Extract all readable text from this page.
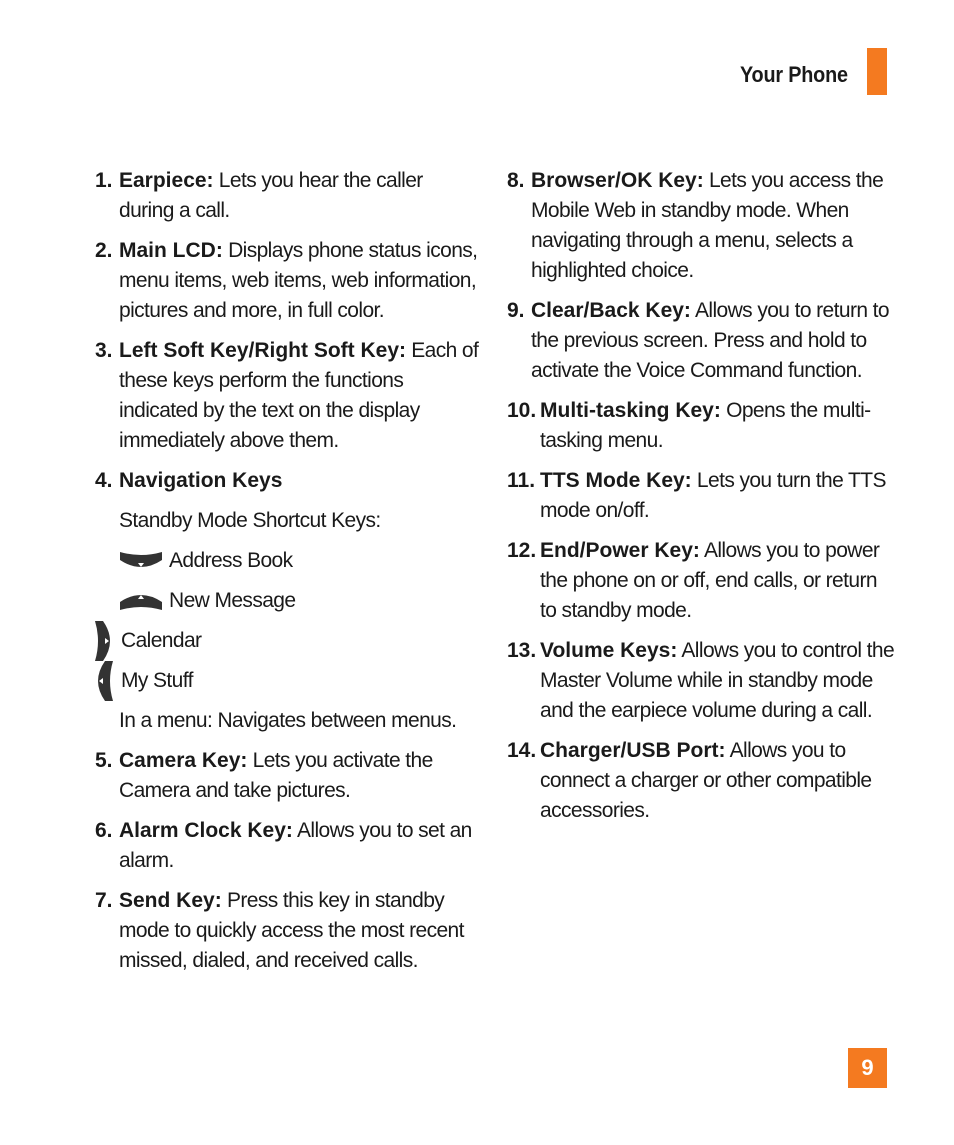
Your Phone
1. Earpiece: Lets you hear the caller during a call.
2. Main LCD: Displays phone status icons, menu items, web items, web information, pictures and more, in full color.
3. Left Soft Key/Right Soft Key: Each of these keys perform the functions indicated by the text on the display immediately above them.
4. Navigation Keys
Standby Mode Shortcut Keys:
Address Book
New Message
Calendar
My Stuff
In a menu: Navigates between menus.
5. Camera Key: Lets you activate the Camera and take pictures.
6. Alarm Clock Key: Allows you to set an alarm.
7. Send Key: Press this key in standby mode to quickly access the most recent missed, dialed, and received calls.
8. Browser/OK Key: Lets you access the Mobile Web in standby mode. When navigating through a menu, selects a highlighted choice.
9. Clear/Back Key: Allows you to return to the previous screen. Press and hold to activate the Voice Command function.
10. Multi-tasking Key: Opens the multi-tasking menu.
11. TTS Mode Key: Lets you turn the TTS mode on/off.
12. End/Power Key: Allows you to power the phone on or off, end calls, or return to standby mode.
13. Volume Keys: Allows you to control the Master Volume while in standby mode and the earpiece volume during a call.
14. Charger/USB Port: Allows you to connect a charger or other compatible accessories.
9
